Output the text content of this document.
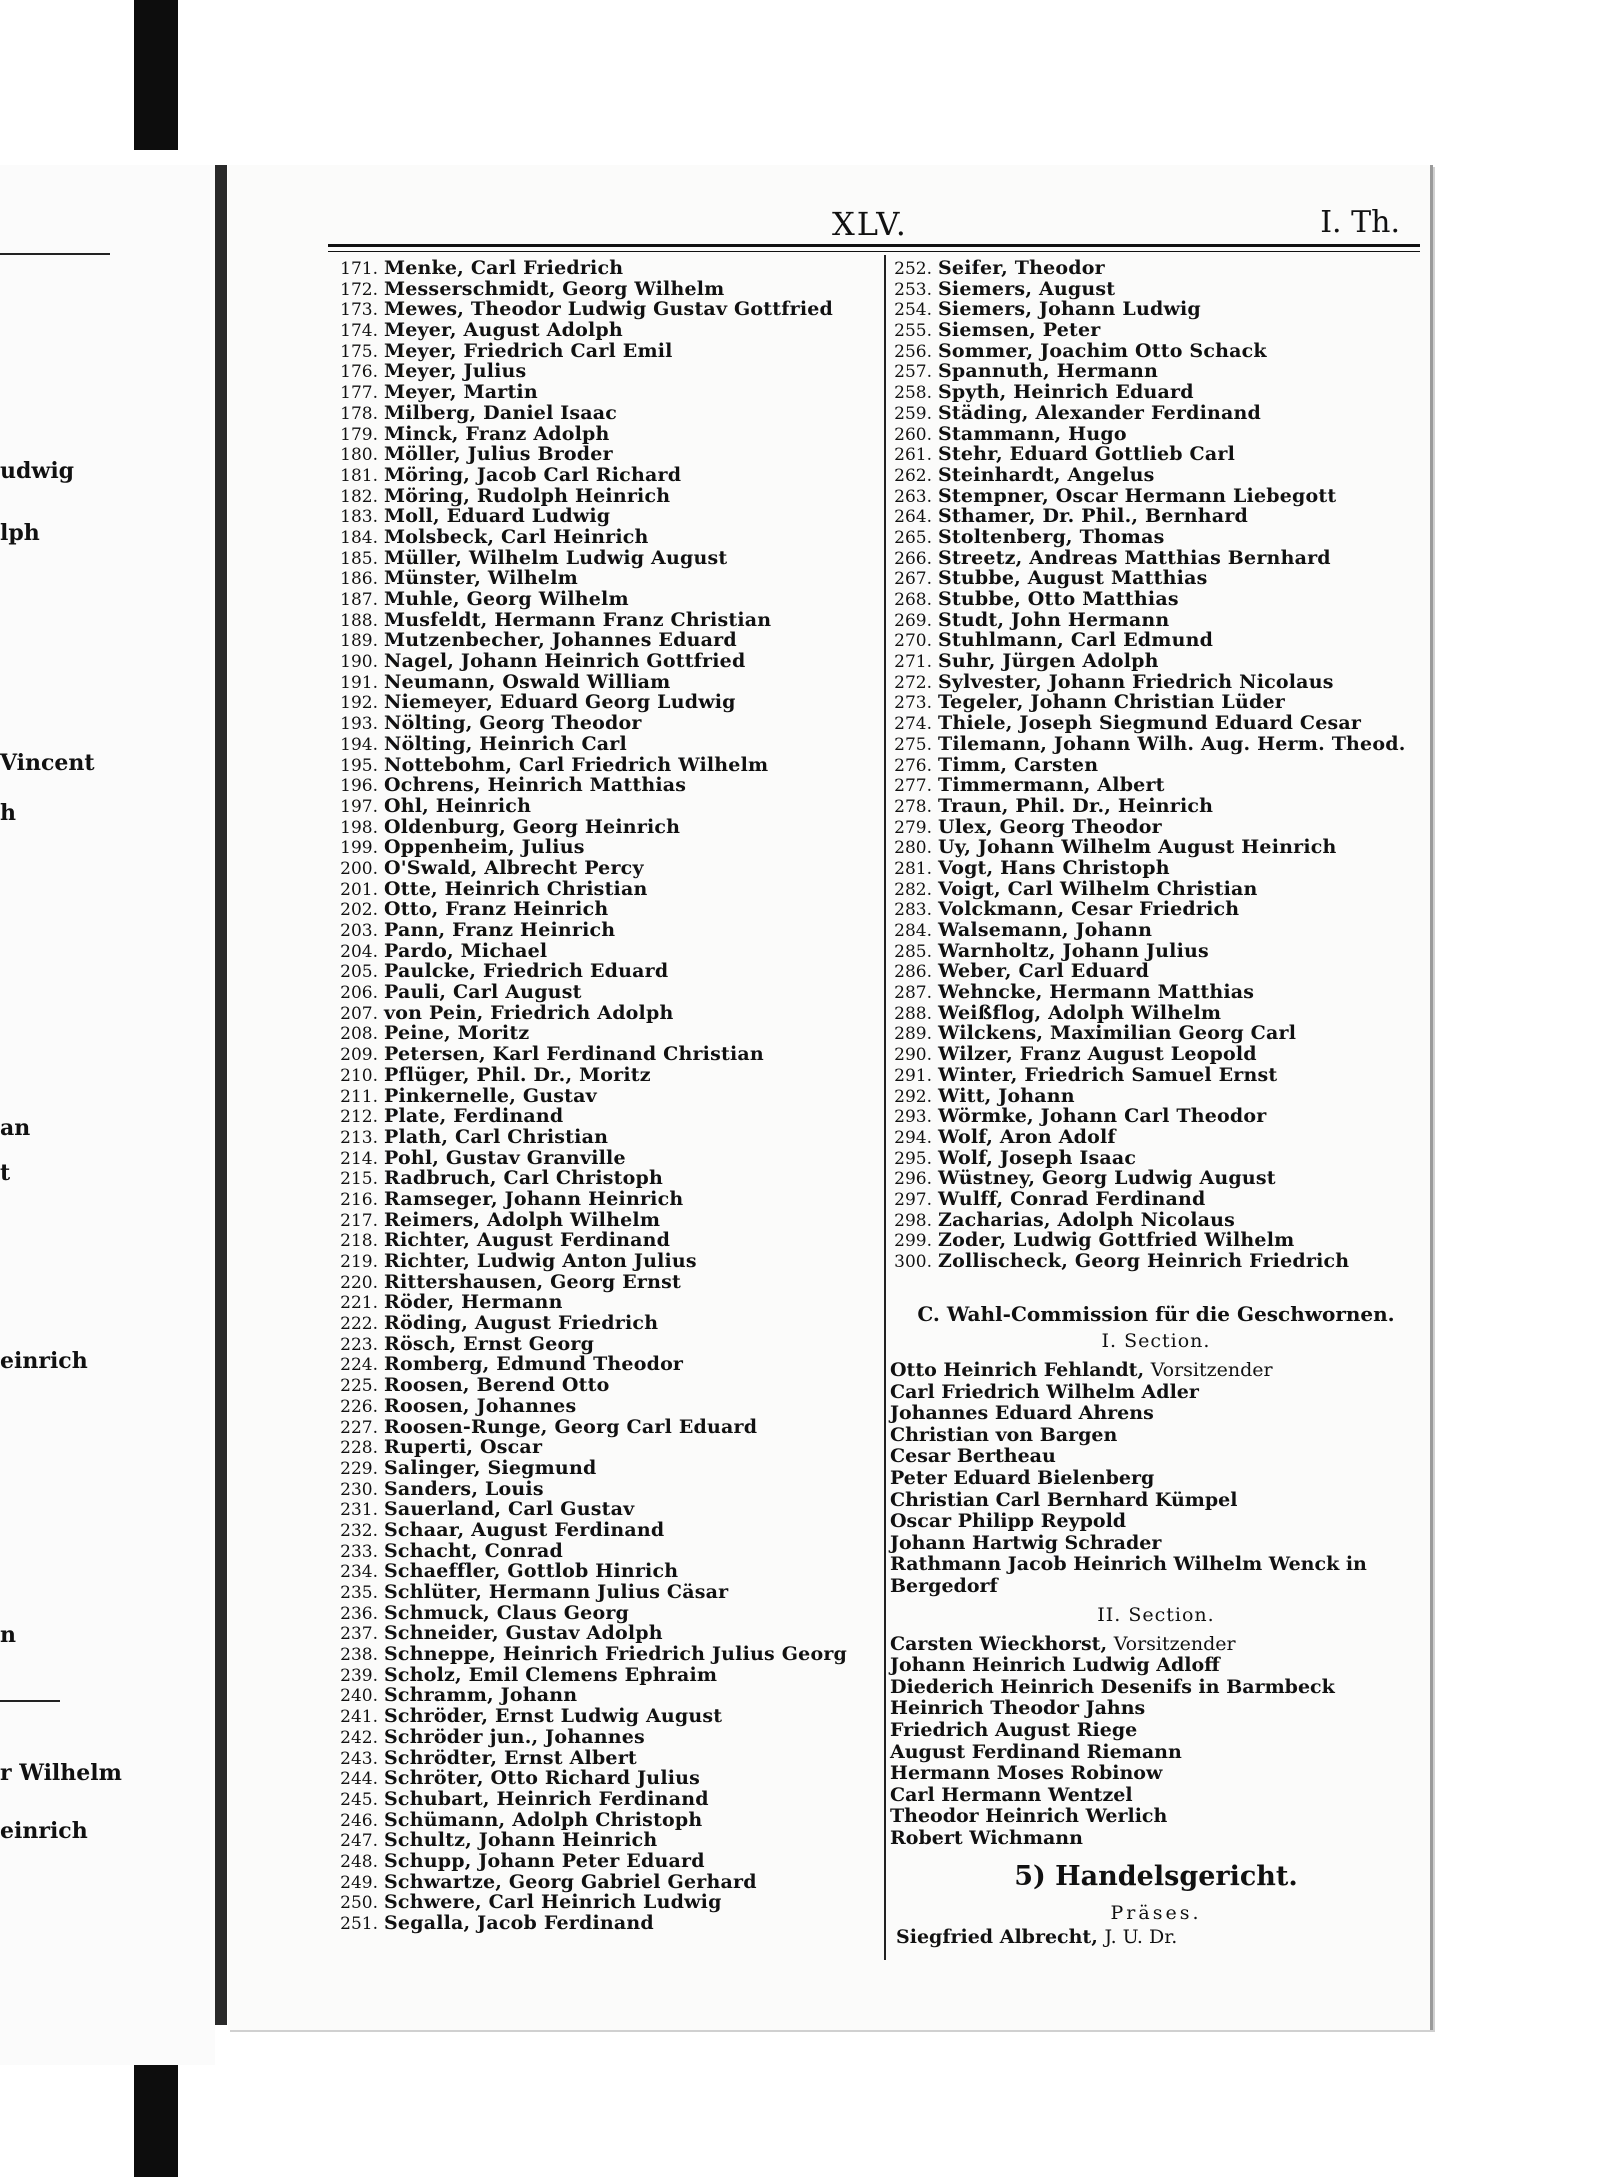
udwig
lph
Vincent
h
an
t
einrich
n
r Wilhelm
einrich
XLV.	I. Th.
171. Menke, Carl Friedrich
172. Messerschmidt, Georg Wilhelm
173. Mewes, Theodor Ludwig Gustav Gottfried
174. Meyer, August Adolph
175. Meyer, Friedrich Carl Emil
176. Meyer, Julius
177. Meyer, Martin
178. Milberg, Daniel Isaac
179. Minck, Franz Adolph
180. Möller, Julius Broder
181. Möring, Jacob Carl Richard
182. Möring, Rudolph Heinrich
183. Moll, Eduard Ludwig
184. Molsbeck, Carl Heinrich
185. Müller, Wilhelm Ludwig August
186. Münster, Wilhelm
187. Muhle, Georg Wilhelm
188. Musfeldt, Hermann Franz Christian
189. Mutzenbecher, Johannes Eduard
190. Nagel, Johann Heinrich Gottfried
191. Neumann, Oswald William
192. Niemeyer, Eduard Georg Ludwig
193. Nölting, Georg Theodor
194. Nölting, Heinrich Carl
195. Nottebohm, Carl Friedrich Wilhelm
196. Ochrens, Heinrich Matthias
197. Ohl, Heinrich
198. Oldenburg, Georg Heinrich
199. Oppenheim, Julius
200. O'Swald, Albrecht Percy
201. Otte, Heinrich Christian
202. Otto, Franz Heinrich
203. Pann, Franz Heinrich
204. Pardo, Michael
205. Paulcke, Friedrich Eduard
206. Pauli, Carl August
207. von Pein, Friedrich Adolph
208. Peine, Moritz
209. Petersen, Karl Ferdinand Christian
210. Pflüger, Phil. Dr., Moritz
211. Pinkernelle, Gustav
212. Plate, Ferdinand
213. Plath, Carl Christian
214. Pohl, Gustav Granville
215. Radbruch, Carl Christoph
216. Ramseger, Johann Heinrich
217. Reimers, Adolph Wilhelm
218. Richter, August Ferdinand
219. Richter, Ludwig Anton Julius
220. Rittershausen, Georg Ernst
221. Röder, Hermann
222. Röding, August Friedrich
223. Rösch, Ernst Georg
224. Romberg, Edmund Theodor
225. Roosen, Berend Otto
226. Roosen, Johannes
227. Roosen-Runge, Georg Carl Eduard
228. Ruperti, Oscar
229. Salinger, Siegmund
230. Sanders, Louis
231. Sauerland, Carl Gustav
232. Schaar, August Ferdinand
233. Schacht, Conrad
234. Schaeffler, Gottlob Hinrich
235. Schlüter, Hermann Julius Cäsar
236. Schmuck, Claus Georg
237. Schneider, Gustav Adolph
238. Schneppe, Heinrich Friedrich Julius Georg
239. Scholz, Emil Clemens Ephraim
240. Schramm, Johann
241. Schröder, Ernst Ludwig August
242. Schröder jun., Johannes
243. Schrödter, Ernst Albert
244. Schröter, Otto Richard Julius
245. Schubart, Heinrich Ferdinand
246. Schümann, Adolph Christoph
247. Schultz, Johann Heinrich
248. Schupp, Johann Peter Eduard
249. Schwartze, Georg Gabriel Gerhard
250. Schwere, Carl Heinrich Ludwig
251. Segalla, Jacob Ferdinand
252. Seifer, Theodor
253. Siemers, August
254. Siemers, Johann Ludwig
255. Siemsen, Peter
256. Sommer, Joachim Otto Schack
257. Spannuth, Hermann
258. Spyth, Heinrich Eduard
259. Städing, Alexander Ferdinand
260. Stammann, Hugo
261. Stehr, Eduard Gottlieb Carl
262. Steinhardt, Angelus
263. Stempner, Oscar Hermann Liebegott
264. Sthamer, Dr. Phil., Bernhard
265. Stoltenberg, Thomas
266. Streetz, Andreas Matthias Bernhard
267. Stubbe, August Matthias
268. Stubbe, Otto Matthias
269. Studt, John Hermann
270. Stuhlmann, Carl Edmund
271. Suhr, Jürgen Adolph
272. Sylvester, Johann Friedrich Nicolaus
273. Tegeler, Johann Christian Lüder
274. Thiele, Joseph Siegmund Eduard Cesar
275. Tilemann, Johann Wilh. Aug. Herm. Theod.
276. Timm, Carsten
277. Timmermann, Albert
278. Traun, Phil. Dr., Heinrich
279. Ulex, Georg Theodor
280. Uy, Johann Wilhelm August Heinrich
281. Vogt, Hans Christoph
282. Voigt, Carl Wilhelm Christian
283. Volckmann, Cesar Friedrich
284. Walsemann, Johann
285. Warnholtz, Johann Julius
286. Weber, Carl Eduard
287. Wehncke, Hermann Matthias
288. Weißflog, Adolph Wilhelm
289. Wilckens, Maximilian Georg Carl
290. Wilzer, Franz August Leopold
291. Winter, Friedrich Samuel Ernst
292. Witt, Johann
293. Wörmke, Johann Carl Theodor
294. Wolf, Aron Adolf
295. Wolf, Joseph Isaac
296. Wüstney, Georg Ludwig August
297. Wulff, Conrad Ferdinand
298. Zacharias, Adolph Nicolaus
299. Zoder, Ludwig Gottfried Wilhelm
300. Zollischeck, Georg Heinrich Friedrich
C. Wahl-Commission für die Geschwornen.
I. Section.
Otto Heinrich Fehlandt, Vorsitzender
Carl Friedrich Wilhelm Adler
Johannes Eduard Ahrens
Christian von Bargen
Cesar Bertheau
Peter Eduard Bielenberg
Christian Carl Bernhard Kümpel
Oscar Philipp Reypold
Johann Hartwig Schrader
Rathmann Jacob Heinrich Wilhelm Wenck in
Bergedorf
II. Section.
Carsten Wieckhorst, Vorsitzender
Johann Heinrich Ludwig Adloff
Diederich Heinrich Desenifs in Barmbeck
Heinrich Theodor Jahns
Friedrich August Riege
August Ferdinand Riemann
Hermann Moses Robinow
Carl Hermann Wentzel
Theodor Heinrich Werlich
Robert Wichmann
5) Handelsgericht.
Präses.
Siegfried Albrecht, J. U. Dr.
